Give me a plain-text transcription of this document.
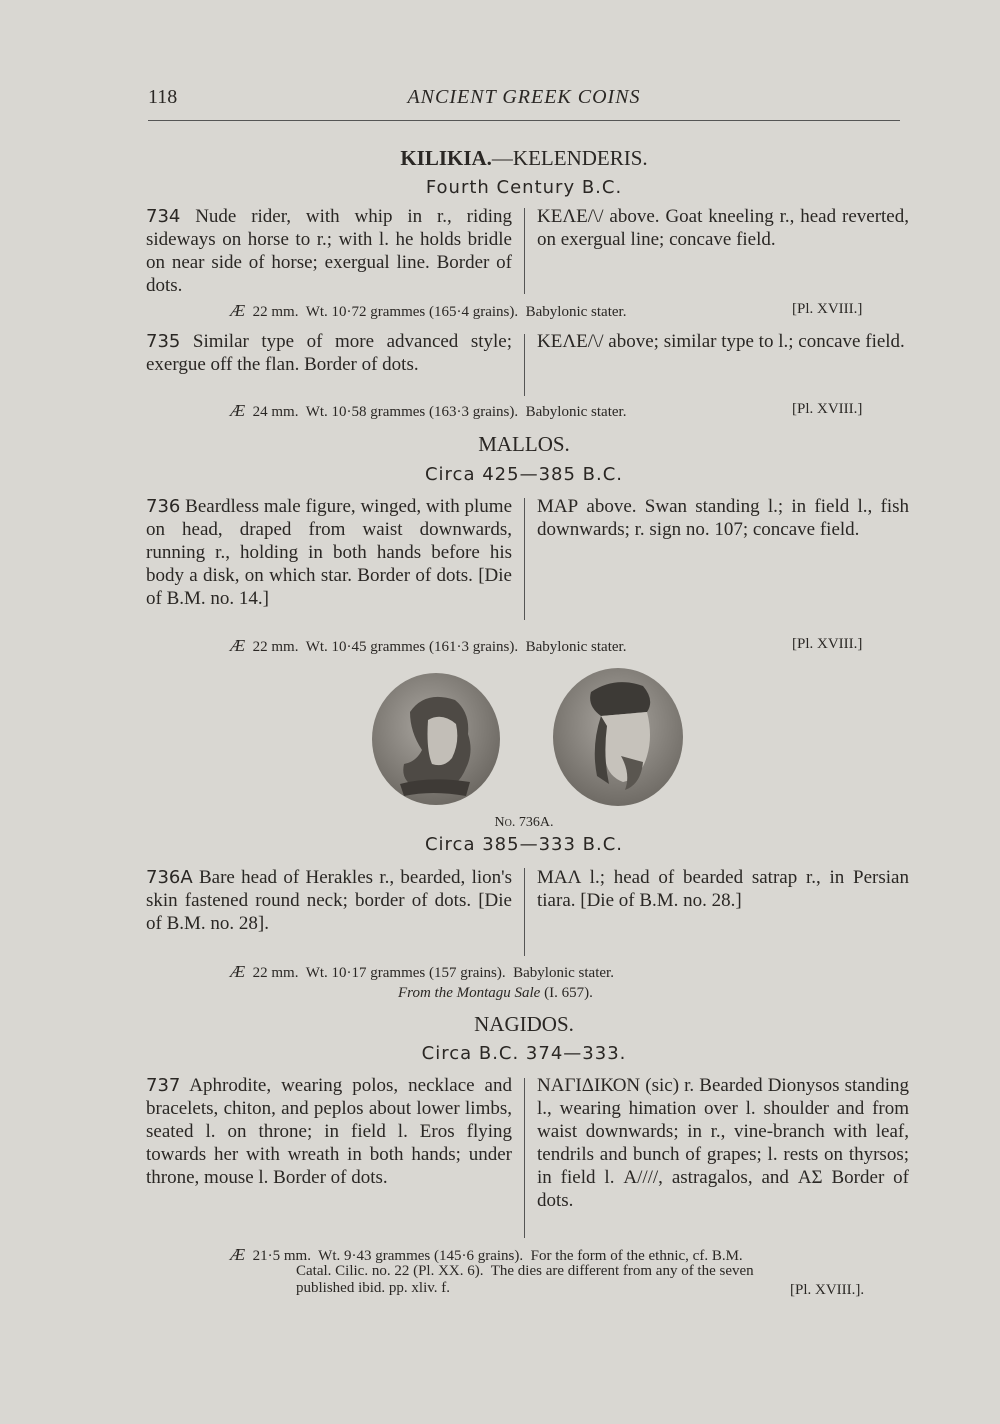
118	ANCIENT GREEK COINS
KILIKIA.—KELENDERIS.
Fourth Century B.C.
734 Nude rider, with whip in r., riding sideways on horse to r.; with l. he holds bridle on near side of horse; exergual line. Border of dots.
ΚΕΛΕ/\/ above. Goat kneeling r., head reverted, on exergual line; concave field.
Æ 22 mm.  Wt. 10·72 grammes (165·4 grains).  Babylonic stater.	[Pl. XVIII.]
735 Similar type of more advanced style; exergue off the flan. Border of dots.
ΚΕΛΕ/\/ above; similar type to l.; concave field.
Æ 24 mm.  Wt. 10·58 grammes (163·3 grains).  Babylonic stater.	[Pl. XVIII.]
MALLOS.
Circa 425—385 B.C.
736 Beardless male figure, winged, with plume on head, draped from waist downwards, running r., holding in both hands before his body a disk, on which star. Border of dots. [Die of B.M. no. 14.]
ΜΑΡ above. Swan standing l.; in field l., fish downwards; r. sign no. 107; concave field.
Æ 22 mm.  Wt. 10·45 grammes (161·3 grains).  Babylonic stater.	[Pl. XVIII.]
No. 736A.
Circa 385—333 B.C.
736A Bare head of Herakles r., bearded, lion's skin fastened round neck; border of dots. [Die of B.M. no. 28].
ΜΑΛ l.; head of bearded satrap r., in Persian tiara. [Die of B.M. no. 28.]
Æ 22 mm.  Wt. 10·17 grammes (157 grains).  Babylonic stater.
From the Montagu Sale (I. 657).
NAGIDOS.
Circa B.C. 374—333.
737 Aphrodite, wearing polos, necklace and bracelets, chiton, and peplos about lower limbs, seated l. on throne; in field l. Eros flying towards her with wreath in both hands; under throne, mouse l. Border of dots.
ΝΑΓΙΔΙΚΟΝ (sic) r. Bearded Dionysos standing l., wearing himation over l. shoulder and from waist downwards; in r., vine-branch with leaf, tendrils and bunch of grapes; l. rests on thyrsos; in field l. Α////, astragalos, and ΑΣ Border of dots.
Æ 21·5 mm.  Wt. 9·43 grammes (145·6 grains).  For the form of the ethnic, cf. B.M.
Catal. Cilic. no. 22 (Pl. XX. 6).  The dies are different from any of the seven
published ibid. pp. xliv. f.	[Pl. XVIII.].
